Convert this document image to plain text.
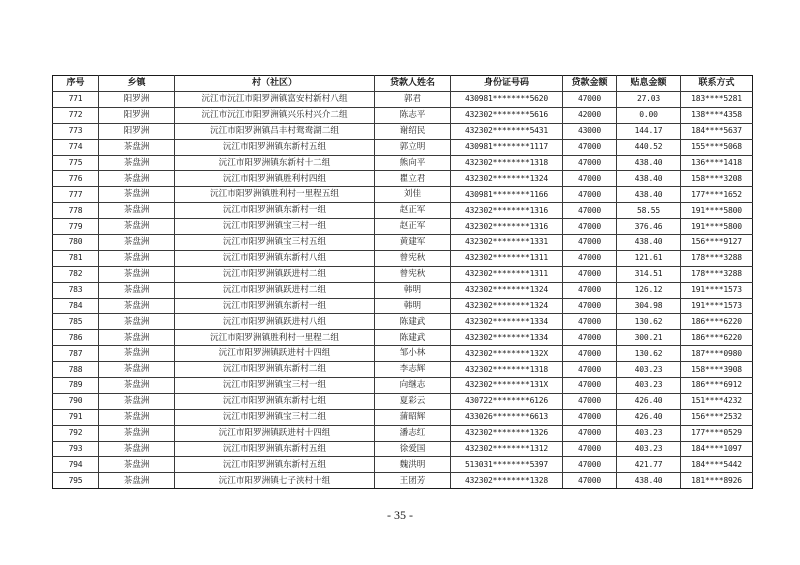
序号	乡镇	村（社区）	贷款人姓名	身份证号码	贷款金额	贴息金额	联系方式
771	阳罗洲	沅江市沅江市阳罗洲镇富安村新村八组	郭君	430981********5620	47000	27.03	183****5281
772	阳罗洲	沅江市沅江市阳罗洲镇兴乐村兴介二组	陈志平	432302********5616	42000	0.00	138****4358
773	阳罗洲	沅江市阳罗洲镇吕丰村鸳鸯湖二组	谢绍民	432302********5431	43000	144.17	184****5637
774	茶盘洲	沅江市阳罗洲镇东新村五组	郭立明	430981********1117	47000	440.52	155****5068
775	茶盘洲	沅江市阳罗洲镇东新村十二组	熊向平	432302********1318	47000	438.40	136****1418
776	茶盘洲	沅江市阳罗洲镇胜利村四组	瞿立君	432302********1324	47000	438.40	158****3208
777	茶盘洲	沅江市阳罗洲镇胜利村一里程五组	刘佳	430981********1166	47000	438.40	177****1652
778	茶盘洲	沅江市阳罗洲镇东新村一组	赵正军	432302********1316	47000	58.55	191****5800
779	茶盘洲	沅江市阳罗洲镇宝三村一组	赵正军	432302********1316	47000	376.46	191****5800
780	茶盘洲	沅江市阳罗洲镇宝三村五组	黄建军	432302********1331	47000	438.40	156****9127
781	茶盘洲	沅江市阳罗洲镇东新村八组	曾宪秋	432302********1311	47000	121.61	178****3288
782	茶盘洲	沅江市阳罗洲镇跃进村二组	曾宪秋	432302********1311	47000	314.51	178****3288
783	茶盘洲	沅江市阳罗洲镇跃进村二组	韩明	432302********1324	47000	126.12	191****1573
784	茶盘洲	沅江市阳罗洲镇东新村一组	韩明	432302********1324	47000	304.98	191****1573
785	茶盘洲	沅江市阳罗洲镇跃进村八组	陈建武	432302********1334	47000	130.62	186****6220
786	茶盘洲	沅江市阳罗洲镇胜利村一里程二组	陈建武	432302********1334	47000	300.21	186****6220
787	茶盘洲	沅江市阳罗洲镇跃进村十四组	邹小林	432302********132X	47000	130.62	187****0980
788	茶盘洲	沅江市阳罗洲镇东新村二组	李志辉	432302********1318	47000	403.23	158****3908
789	茶盘洲	沅江市阳罗洲镇宝三村一组	向继志	432302********131X	47000	403.23	186****6912
790	茶盘洲	沅江市阳罗洲镇东新村七组	夏彩云	430722********6126	47000	426.40	151****4232
791	茶盘洲	沅江市阳罗洲镇宝三村二组	蒲昭辉	433026********6613	47000	426.40	156****2532
792	茶盘洲	沅江市阳罗洲镇跃进村十四组	潘志红	432302********1326	47000	403.23	177****0529
793	茶盘洲	沅江市阳罗洲镇东新村五组	徐爱国	432302********1312	47000	403.23	184****1097
794	茶盘洲	沅江市阳罗洲镇东新村五组	魏洪明	513031********5397	47000	421.77	184****5442
795	茶盘洲	沅江市阳罗洲镇七子浃村十组	王团芳	432302********1328	47000	438.40	181****8926
- 35 -
